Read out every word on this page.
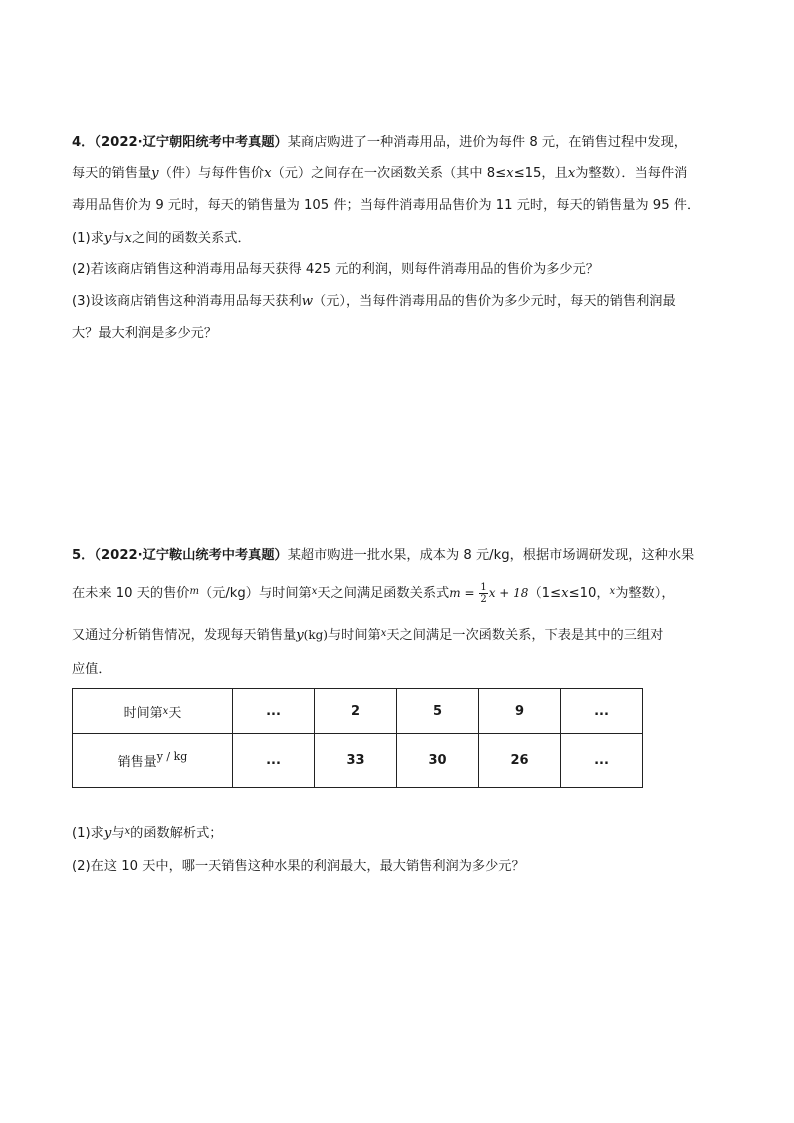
4．（2022·辽宁朝阳统考中考真题）某商店购进了一种消毒用品，进价为每件 8 元，在销售过程中发现，
每天的销售量y（件）与每件售价x（元）之间存在一次函数关系（其中 8≤x≤15，且x为整数）．当每件消
毒用品售价为 9 元时，每天的销售量为 105 件；当每件消毒用品售价为 11 元时，每天的销售量为 95 件．
(1)求y与x之间的函数关系式．
(2)若该商店销售这种消毒用品每天获得 425 元的利润，则每件消毒用品的售价为多少元？
(3)设该商店销售这种消毒用品每天获利w（元），当每件消毒用品的售价为多少元时，每天的销售利润最
大？最大利润是多少元？
5．（2022·辽宁鞍山统考中考真题）某超市购进一批水果，成本为 8 元/kg，根据市场调研发现，这种水果
在未来 10 天的售价$^m$（元/kg）与时间第$^x$天之间满足函数关系式$m = \frac{1}{2}$ x + 18（1≤x≤10，$^x$为整数），
又通过分析销售情况，发现每天销售量y(kg)与时间第$^x$天之间满足一次函数关系，下表是其中的三组对
应值．
时间第$^x$天	...	2	5	9	...
销售量$^{y / kg}$	...	33	30	26	...
(1)求y与$^x$的函数解析式；
(2)在这 10 天中，哪一天销售这种水果的利润最大，最大销售利润为多少元？
